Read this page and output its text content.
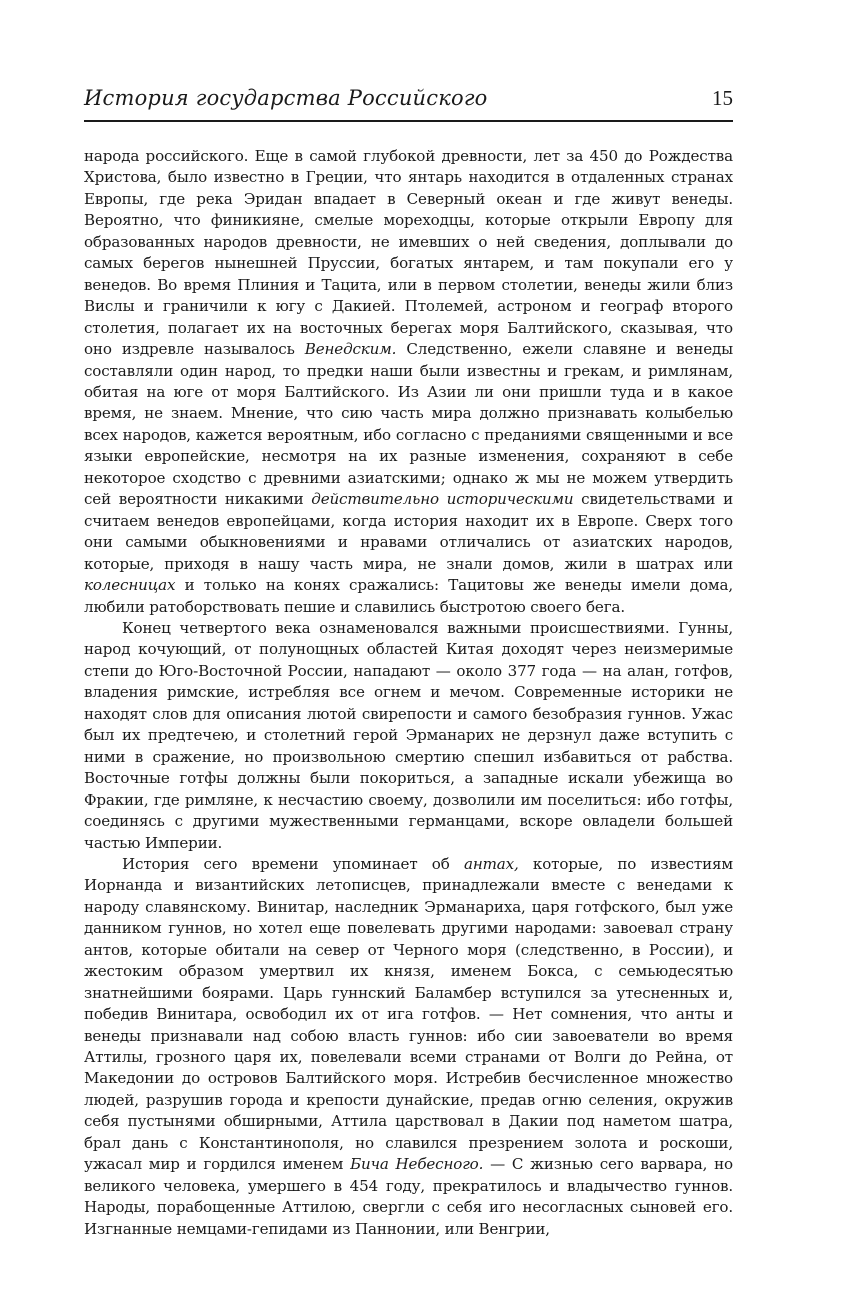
История государства Российского	15

народа российского. Еще в самой глубокой древности, лет за 450 до Рождества Христова, было известно в Греции, что янтарь находится в отдаленных странах Европы, где река Эридан впадает в Северный океан и где живут венеды. Вероятно, что финикияне, смелые мореходцы, которые открыли Европу для образованных народов древности, не имевших о ней сведения, доплывали до самых берегов нынешней Пруссии, богатых янтарем, и там покупали его у венедов. Во время Плиния и Тацита, или в первом столетии, венеды жили близ Вислы и граничили к югу с Дакией. Птолемей, астроном и географ второго столетия, полагает их на восточных берегах моря Балтийского, сказывая, что оно издревле называлось Венедским. Следственно, ежели славяне и венеды составляли один народ, то предки наши были известны и грекам, и римлянам, обитая на юге от моря Балтийского. Из Азии ли они пришли туда и в какое время, не знаем. Мнение, что сию часть мира должно признавать колыбелью всех народов, кажется вероятным, ибо согласно с преданиями священными и все языки европейские, несмотря на их разные изменения, сохраняют в себе некоторое сходство с древними азиатскими; однако ж мы не можем утвердить сей вероятности никакими действительно историческими свидетельствами и считаем венедов европейцами, когда история находит их в Европе. Сверх того они самыми обыкновениями и нравами отличались от азиатских народов, которые, приходя в нашу часть мира, не знали домов, жили в шатрах или колесницах и только на конях сражались: Тацитовы же венеды имели дома, любили ратоборствовать пешие и славились быстротою своего бега.

Конец четвертого века ознаменовался важными происшествиями. Гунны, народ кочующий, от полунощных областей Китая доходят через неизмеримые степи до Юго-Восточной России, нападают — около 377 года — на алан, готфов, владения римские, истребляя все огнем и мечом. Современные историки не находят слов для описания лютой свирепости и самого безобразия гуннов. Ужас был их предтечею, и столетний герой Эрманарих не дерзнул даже вступить с ними в сражение, но произвольною смертию спешил избавиться от рабства. Восточные готфы должны были покориться, а западные искали убежища во Фракии, где римляне, к несчастию своему, дозволили им поселиться: ибо готфы, соединясь с другими мужественными германцами, вскоре овладели большей частью Империи.

История сего времени упоминает об антах, которые, по известиям Иорнанда и византийских летописцев, принадлежали вместе с венедами к народу славянскому. Винитар, наследник Эрманариха, царя готфского, был уже данником гуннов, но хотел еще повелевать другими народами: завоевал страну антов, которые обитали на север от Черного моря (следственно, в России), и жестоким образом умертвил их князя, именем Бокса, с семьюдесятью знатнейшими боярами. Царь гуннский Баламбер вступился за утесненных и, победив Винитара, освободил их от ига готфов. — Нет сомнения, что анты и венеды признавали над собою власть гуннов: ибо сии завоеватели во время Аттилы, грозного царя их, повелевали всеми странами от Волги до Рейна, от Македонии до островов Балтийского моря. Истребив бесчисленное множество людей, разрушив города и крепости дунайские, предав огню селения, окружив себя пустынями обширными, Аттила царствовал в Дакии под наметом шатра, брал дань с Константинополя, но славился презрением золота и роскоши, ужасал мир и гордился именем Бича Небесного. — С жизнью сего варвара, но великого человека, умершего в 454 году, прекратилось и владычество гуннов. Народы, порабощенные Аттилою, свергли с себя иго несогласных сыновей его. Изгнанные немцами-гепидами из Паннонии, или Венгрии,
